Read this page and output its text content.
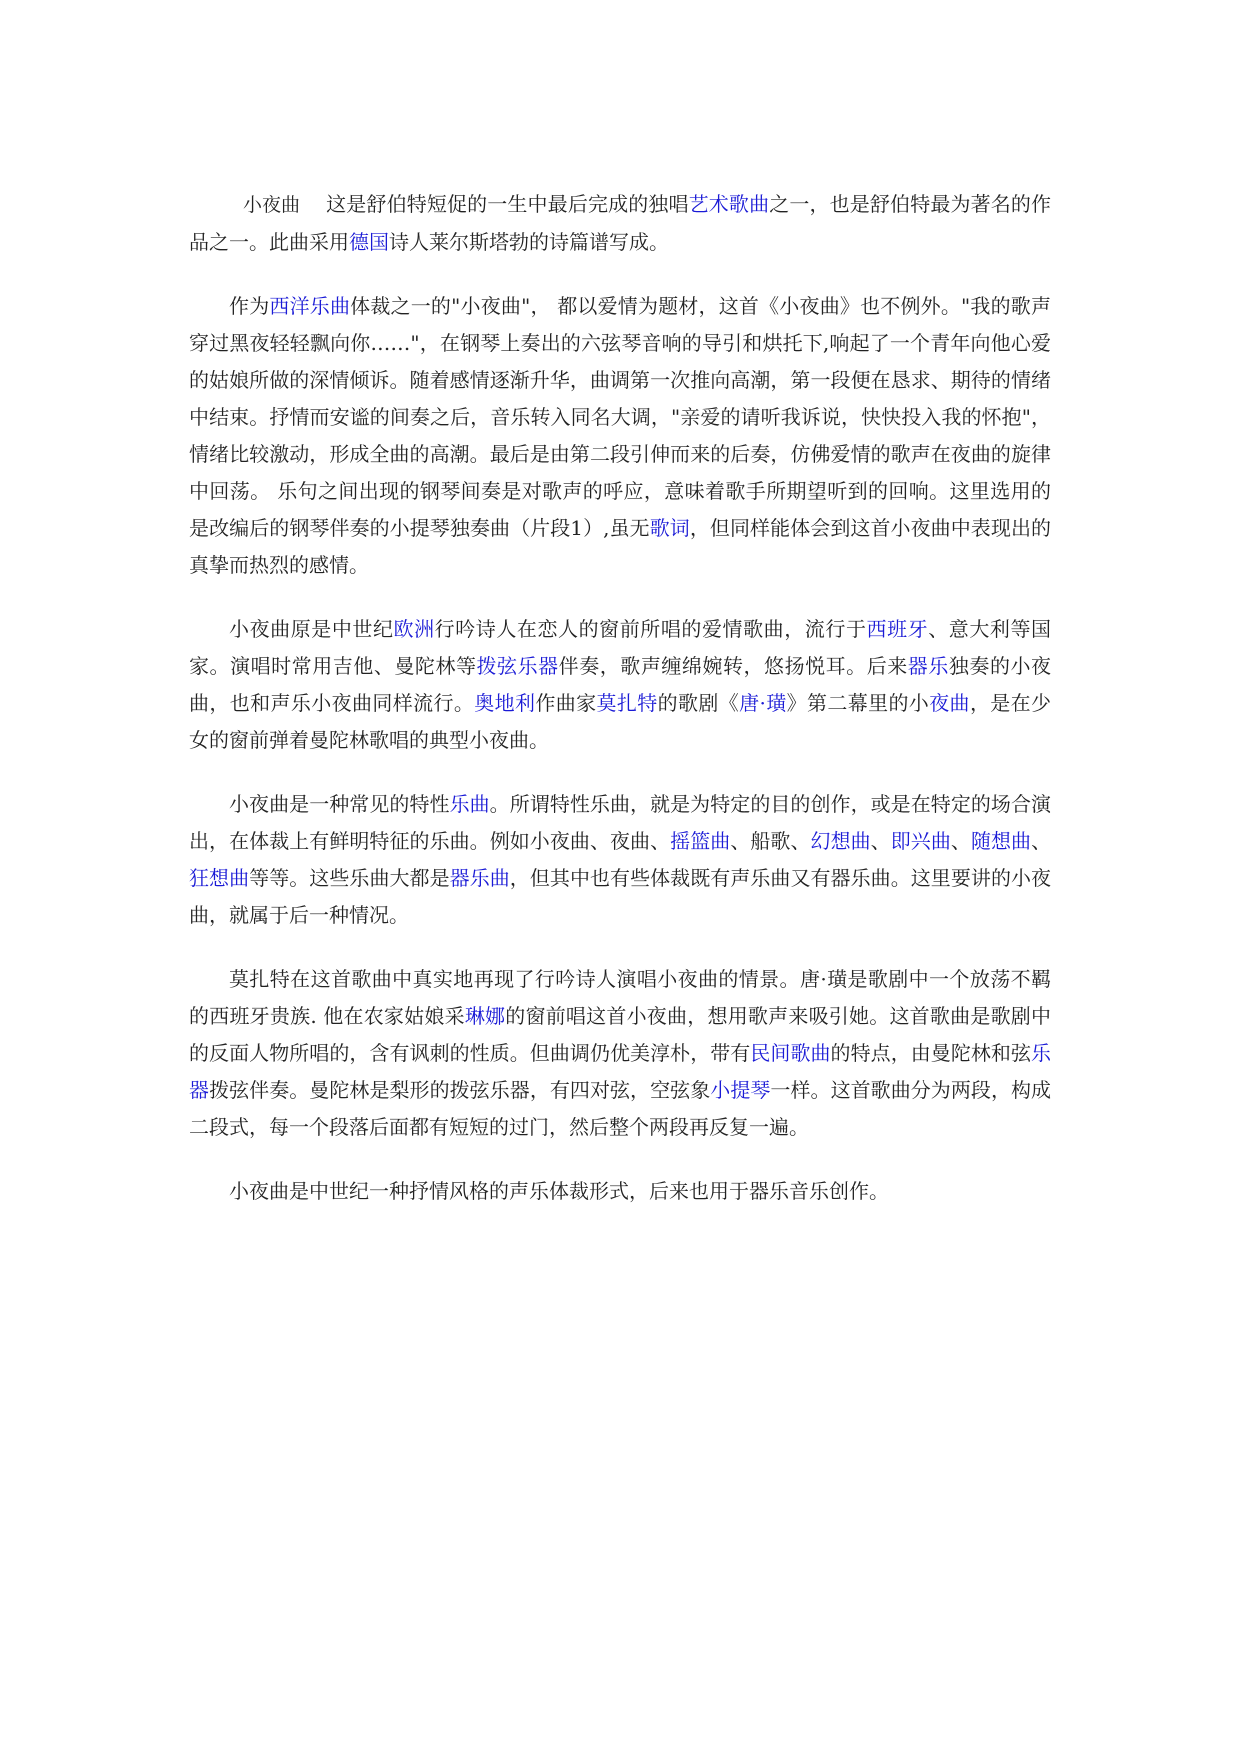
小夜曲 这是舒伯特短促的一生中最后完成的独唱艺术歌曲之一，也是舒伯特最为著名的作品之一。此曲采用德国诗人莱尔斯塔勃的诗篇谱写成。

作为西洋乐曲体裁之一的"小夜曲"， 都以爱情为题材，这首《小夜曲》也不例外。"我的歌声穿过黑夜轻轻飘向你……"，在钢琴上奏出的六弦琴音响的导引和烘托下,响起了一个青年向他心爱的姑娘所做的深情倾诉。随着感情逐渐升华，曲调第一次推向高潮，第一段便在恳求、期待的情绪中结束。抒情而安谧的间奏之后，音乐转入同名大调，"亲爱的请听我诉说，快快投入我的怀抱"，情绪比较激动，形成全曲的高潮。最后是由第二段引伸而来的后奏，仿佛爱情的歌声在夜曲的旋律中回荡。 乐句之间出现的钢琴间奏是对歌声的呼应，意味着歌手所期望听到的回响。这里选用的是改编后的钢琴伴奏的小提琴独奏曲（片段1）,虽无歌词，但同样能体会到这首小夜曲中表现出的真挚而热烈的感情。

小夜曲原是中世纪欧洲行吟诗人在恋人的窗前所唱的爱情歌曲，流行于西班牙、意大利等国家。演唱时常用吉他、曼陀林等拨弦乐器伴奏，歌声缠绵婉转，悠扬悦耳。后来器乐独奏的小夜曲，也和声乐小夜曲同样流行。奥地利作曲家莫扎特的歌剧《唐·璜》第二幕里的小夜曲，是在少女的窗前弹着曼陀林歌唱的典型小夜曲。

小夜曲是一种常见的特性乐曲。所谓特性乐曲，就是为特定的目的创作，或是在特定的场合演出，在体裁上有鲜明特征的乐曲。例如小夜曲、夜曲、摇篮曲、船歌、幻想曲、即兴曲、随想曲、狂想曲等等。这些乐曲大都是器乐曲，但其中也有些体裁既有声乐曲又有器乐曲。这里要讲的小夜曲，就属于后一种情况。

莫扎特在这首歌曲中真实地再现了行吟诗人演唱小夜曲的情景。唐·璜是歌剧中一个放荡不羁的西班牙贵族. 他在农家姑娘采琳娜的窗前唱这首小夜曲，想用歌声来吸引她。这首歌曲是歌剧中的反面人物所唱的，含有讽刺的性质。但曲调仍优美淳朴，带有民间歌曲的特点，由曼陀林和弦乐器拨弦伴奏。曼陀林是梨形的拨弦乐器，有四对弦，空弦象小提琴一样。这首歌曲分为两段，构成二段式，每一个段落后面都有短短的过门，然后整个两段再反复一遍。

小夜曲是中世纪一种抒情风格的声乐体裁形式，后来也用于器乐音乐创作。
